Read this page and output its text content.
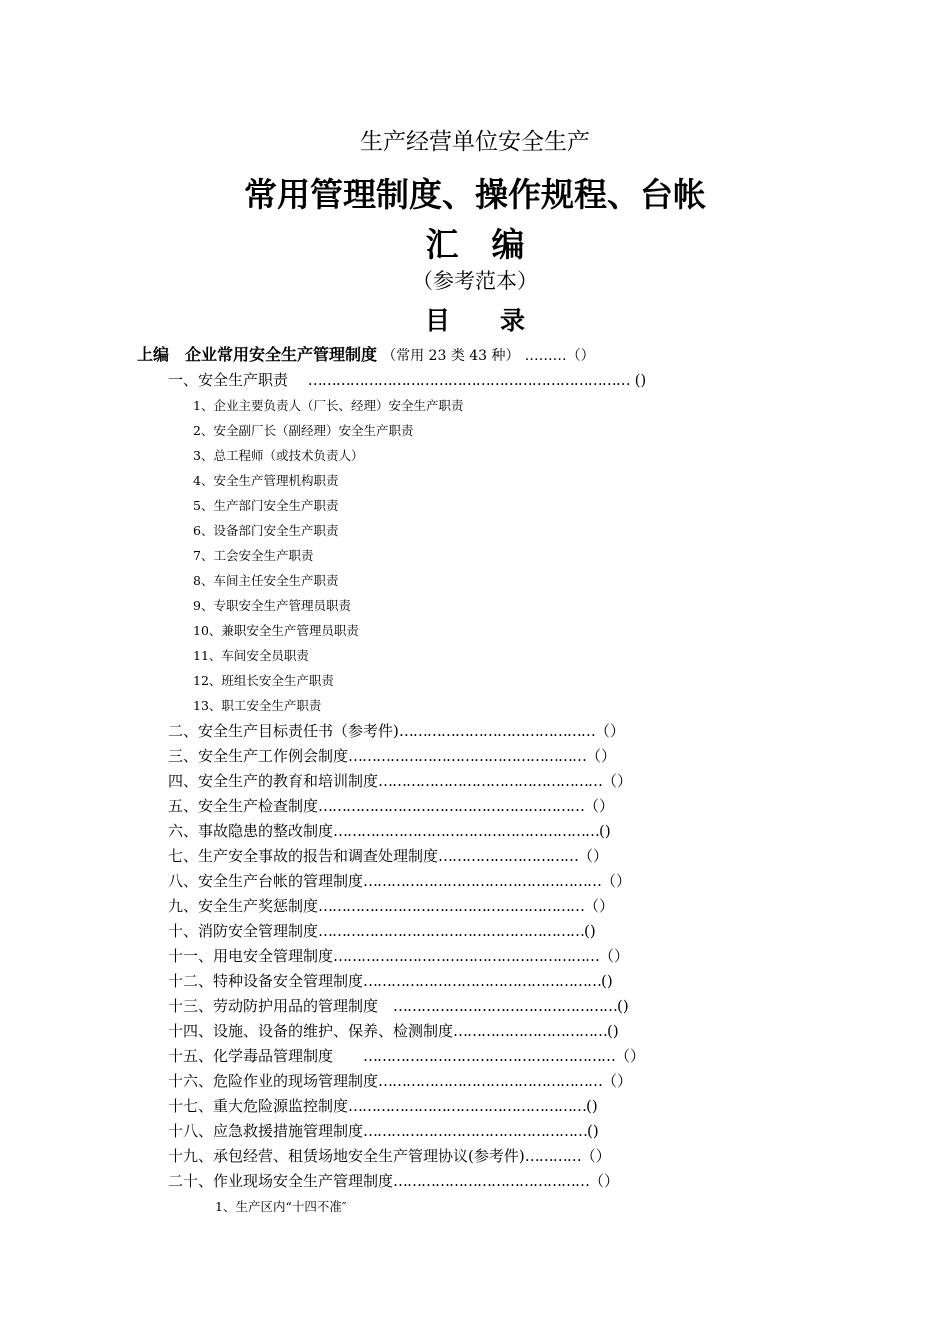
生产经营单位安全生产
常用管理制度、操作规程、台帐
汇　编
（参考范本）
目　　录
上编　企业常用安全生产管理制度 （常用 23 类 43 种） ………（）
一、安全生产职责　 …………………………………………………………… ()
1、企业主要负责人（厂长、经理）安全生产职责
2、安全副厂长（副经理）安全生产职责
3、总工程师（或技术负责人）
4、安全生产管理机构职责
5、生产部门安全生产职责
6、设备部门安全生产职责
7、工会安全生产职责
8、车间主任安全生产职责
9、专职安全生产管理员职责
10、兼职安全生产管理员职责
11、车间安全员职责
12、班组长安全生产职责
13、职工安全生产职责
二、安全生产目标责任书（参考件)……………………………………（）
三、安全生产工作例会制度……………………………………………（）
四、安全生产的教育和培训制度…………………………………………（）
五、安全生产检查制度…………………………………………………（）
六、事故隐患的整改制度…………………………………………………()
七、生产安全事故的报告和调查处理制度…………………………（）
八、安全生产台帐的管理制度……………………………………………（）
九、安全生产奖惩制度…………………………………………………（）
十、消防安全管理制度…………………………………………………()
十一、用电安全管理制度…………………………………………………（）
十二、特种设备安全管理制度……………………………………………()
十三、劳动防护用品的管理制度　…………………………………………()
十四、设施、设备的维护、保养、检测制度……………………………()
十五、化学毒品管理制度　　………………………………………………（）
十六、危险作业的现场管理制度…………………………………………（）
十七、重大危险源监控制度……………………………………………()
十八、应急救援措施管理制度…………………………………………()
十九、承包经营、租赁场地安全生产管理协议(参考件)…………（）
二十、作业现场安全生产管理制度……………………………………（）
1、生产区内“十四不准″
